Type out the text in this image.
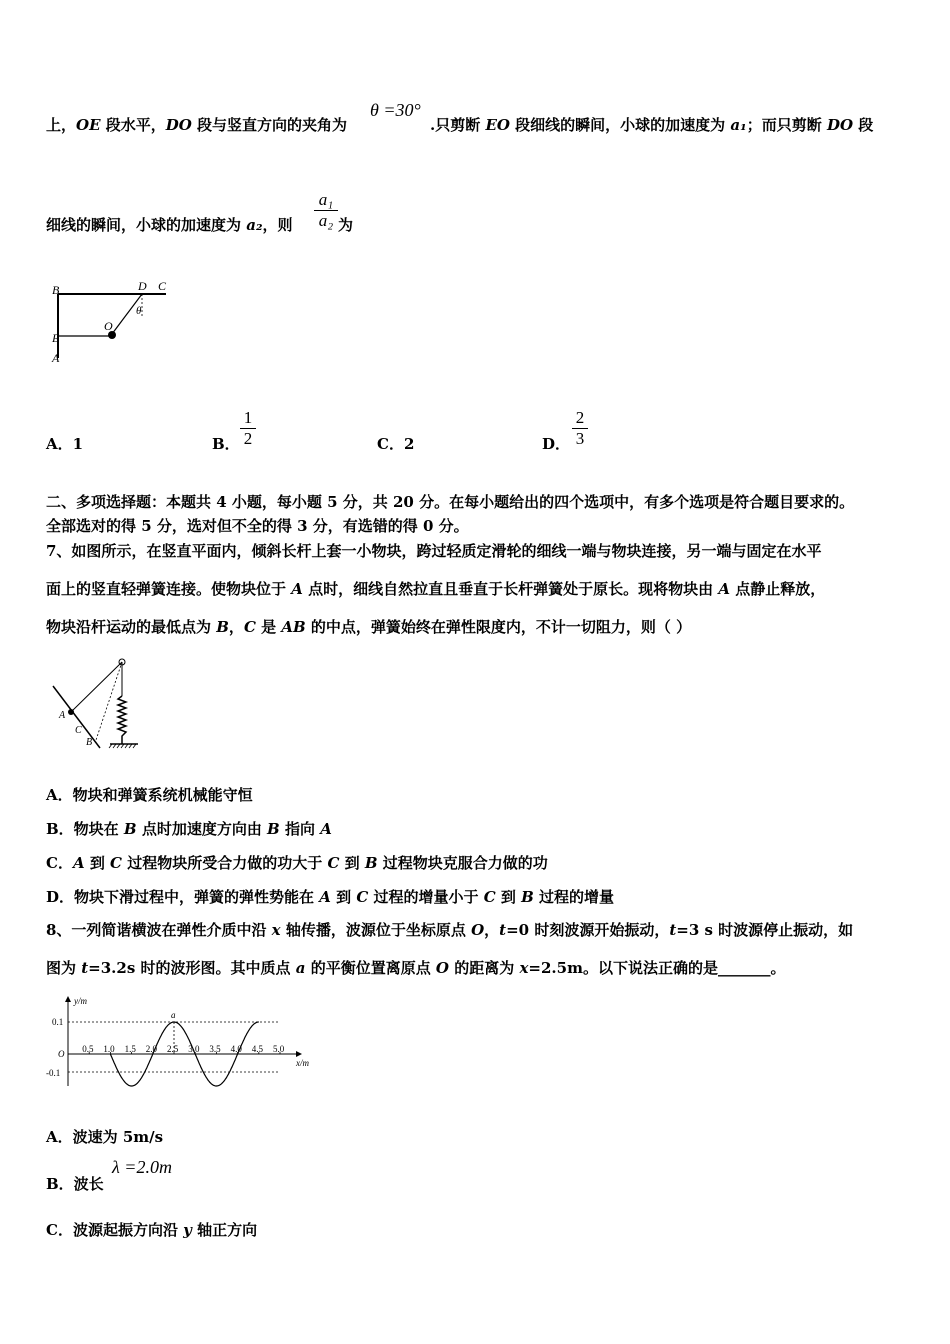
上，OE 段水平，DO 段与竖直方向的夹角为
θ =30°
.只剪断 EO 段细线的瞬间，小球的加速度为 a₁；而只剪断 DO 段
细线的瞬间，小球的加速度为 a₂，则
a₁
a₂ 为
B	D C
θ
O
E
A
A．1	B．
1
2	C．2	D．
2
3
二、多项选择题：本题共 4 小题，每小题 5 分，共 20 分。在每小题给出的四个选项中，有多个选项是符合题目要求的。
全部选对的得 5 分，选对但不全的得 3 分，有选错的得 0 分。
7、如图所示，在竖直平面内，倾斜长杆上套一小物块，跨过轻质定滑轮的细线一端与物块连接，另一端与固定在水平
面上的竖直轻弹簧连接。使物块位于 A 点时，细线自然拉直且垂直于长杆弹簧处于原长。现将物块由 A 点静止释放，
物块沿杆运动的最低点为 B，C 是 AB 的中点，弹簧始终在弹性限度内，不计一切阻力，则（ ）
A
C
B
A．物块和弹簧系统机械能守恒
B．物块在 B 点时加速度方向由 B 指向 A
C．A 到 C 过程物块所受合力做的功大于 C 到 B 过程物块克服合力做的功
D．物块下滑过程中，弹簧的弹性势能在 A 到 C 过程的增量小于 C 到 B 过程的增量
8、一列简谐横波在弹性介质中沿 x 轴传播，波源位于坐标原点 O，t=0 时刻波源开始振动，t=3 s 时波源停止振动，如
图为 t=3.2s 时的波形图。其中质点 a 的平衡位置离原点 O 的距离为 x=2.5m。以下说法正确的是_______。
y/m
x/m
0.1
-0.1
O
a
0.5 1.0 1.5 2.0 2.5 3.0 3.5 4.0 4.5 5.0
A．波速为 5m/s
B．波长
λ =2.0m
C．波源起振方向沿 y 轴正方向
